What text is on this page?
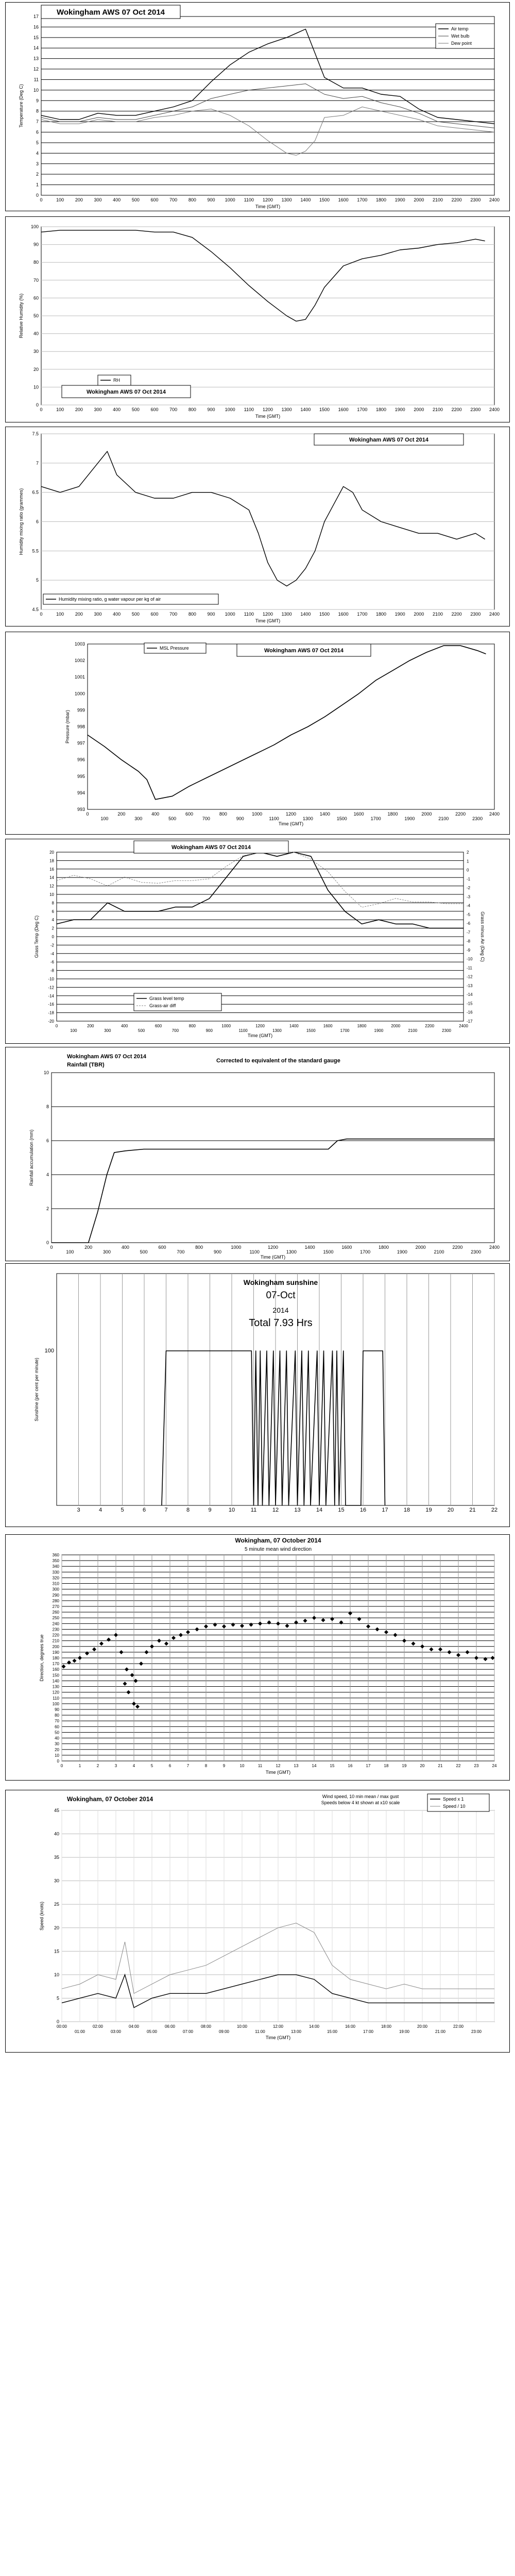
0
1
2
3
4
5
6
7
8
9
10
11
12
13
14
15
16
17
0	100 200 300 400 500 600 700 800 900 1000 1100 1200 1300 1400 1500 1600 1700 1800 1900 2000 2100 2200 2300 2400
Time (GMT)
Temperature (Deg C)
Wokingham AWS 07 Oct 2014
Air temp
Wet bulb
Dew point
0
10
20
30
40
50
60
70
80
90
100
0	100 200 300 400 500 600 700 800 900 1000 1100 1200 1300 1400 1500 1600 1700 1800 1900 2000 2100 2200 2300 2400
Time (GMT)
Relative Humidity (%)
RH
Wokingham AWS 07 Oct 2014
4.5
5
5.5
6
6.5
7
7.5
0	100 200 300 400 500 600 700 800 900 1000 1100 1200 1300 1400 1500 1600 1700 1800 1900 2000 2100 2200 2300 2400
Time (GMT)
Humidity mixing ratio (grammes)
Wokingham AWS 07 Oct 2014
Humidity mixing ratio, g water vapour per kg of air
993
994
995
996
997
998
999
1000
1001
1002
1003
0
100
200
300
400
500
600
700
800
900
1000
1100
1200
1300
1400
1500
1600
1700
1800
1900
2000
2100
2200
2300
2400
Time (GMT)
Pressure (mbar)
MSL Pressure	Wokingham AWS 07 Oct 2014
-20
-18
-16
-14
-12
-10
-8
-6
-4
-2
0
2
4
6
8
10
12
14
16
18
20
0
100
200
300
400
500
600
700
800
900
1000
1100
1200
1300
1400
1500
1600
1700
1800
1900
2000
2100
2200
2300
2400
Time (GMT)
Grass Temp (Deg C)
2
1
0
-1
-2
-3
-4
-5
-6
-7
-8
-9
-10
-11
-12
-13
-14
-15
-16
-17
Grass minus Air (Deg C)
Wokingham AWS 07 Oct 2014
Grass level temp
Grass-air diff
0
2
4
6
8
10
0
100
200
300
400
500
600
700
800
900
1000
1100
1200
1300
1400
1500
1600
1700
1800
1900
2000
2100
2200
2300
2400
Time (GMT)
Rainfall accumulation (mm)
Wokingham AWS 07 Oct 2014
Rainfall (TBR)
Corrected to equivalent of the standard gauge
100
3	4	5	6	7	8	9	10	11	12	13	14	15	16	17	18	19	20	21	22
Sunshine (per cent per minute)
Wokingham sunshine
07-Oct
2014
Total 7.93 Hrs
0
10
20
30
40
50
60
70
80
90
100
110
120
130
140
150
160
170
180
190
200
210
220
230
240
250
260
270
280
290
300
310
320
330
340
350
360
0	1	2	3	4	5	6	7	8	9	10	11	12	13	14	15	16	17	18	19	20	21	22	23	24
Time (GMT)
Direction, degrees true
Wokingham, 07 October 2014
5 minute mean wind direction
0
5
10
15
20
25
30
35
40
45
00:00	02:00	04:00	06:00	08:00	10:00	12:00	14:00	16:00	18:00	20:00	22:00
01:00	03:00	05:00	07:00	09:00	11:00	13:00	15:00	17:00	19:00	21:00	23:00
Time (GMT)
Speed (knots)
Wokingham, 07 October 2014	Wind speed, 10 min mean / max gust
Speeds below 4 kt shown at x10 scale
Speed x 1
Speed / 10
